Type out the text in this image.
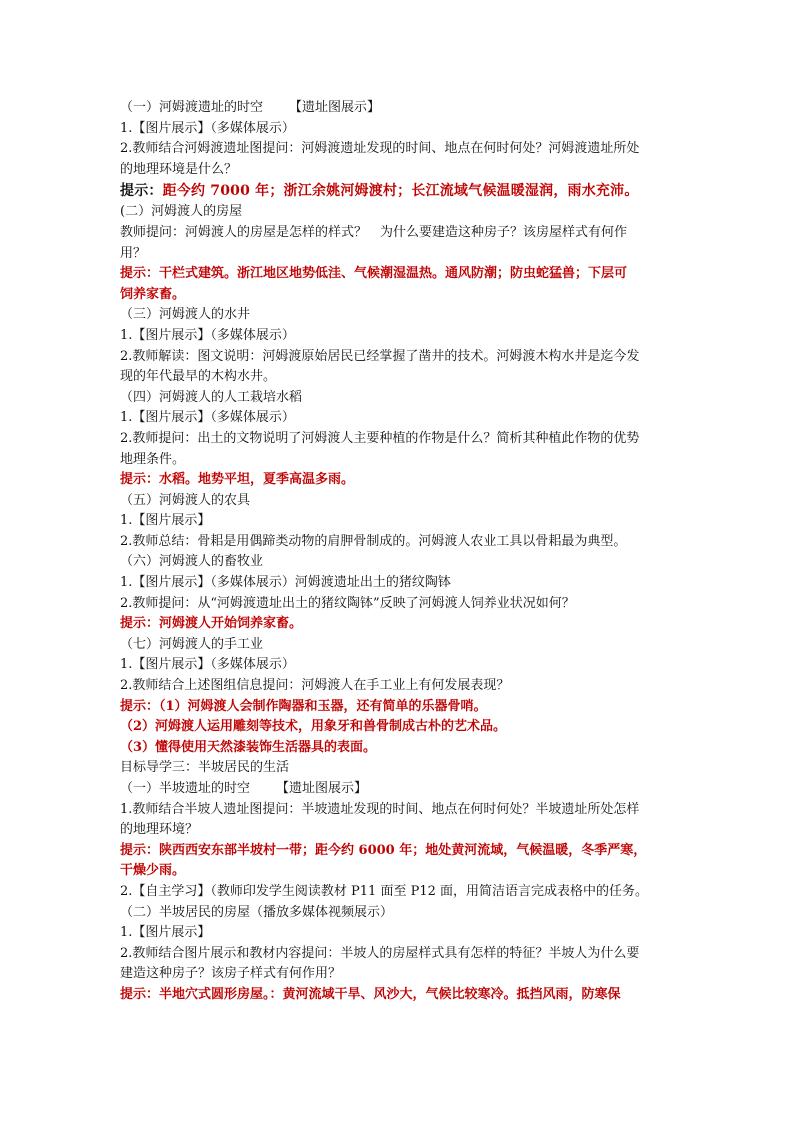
（一）河姆渡遗址的时空 【遗址图展示】
1.【图片展示】（多媒体展示）
2.教师结合河姆渡遗址图提问：河姆渡遗址发现的时间、地点在何时何处？河姆渡遗址所处
的地理环境是什么？
提示：距今约 7000 年；浙江余姚河姆渡村；长江流域气候温暖湿润，雨水充沛。
(二）河姆渡人的房屋
教师提问：河姆渡人的房屋是怎样的样式？　为什么要建造这种房子？该房屋样式有何作
用？
提示：干栏式建筑。浙江地区地势低洼、气候潮湿温热。通风防潮；防虫蛇猛兽；下层可
饲养家畜。
（三）河姆渡人的水井
1.【图片展示】（多媒体展示）
2.教师解读：图文说明：河姆渡原始居民已经掌握了凿井的技术。河姆渡木构水井是迄今发
现的年代最早的木构水井。
（四）河姆渡人的人工栽培水稻
1.【图片展示】（多媒体展示）
2.教师提问：出土的文物说明了河姆渡人主要种植的作物是什么？简析其种植此作物的优势
地理条件。
提示：水稻。地势平坦，夏季高温多雨。
（五）河姆渡人的农具
1.【图片展示】
2.教师总结：骨耜是用偶蹄类动物的肩胛骨制成的。河姆渡人农业工具以骨耜最为典型。
（六）河姆渡人的畜牧业
1.【图片展示】（多媒体展示）河姆渡遗址出土的猪纹陶钵
2.教师提问：从“河姆渡遗址出土的猪纹陶钵”反映了河姆渡人饲养业状况如何？
提示：河姆渡人开始饲养家畜。
（七）河姆渡人的手工业
1.【图片展示】（多媒体展示）
2.教师结合上述图组信息提问：河姆渡人在手工业上有何发展表现？
提示：（1）河姆渡人会制作陶器和玉器，还有简单的乐器骨哨。
（2）河姆渡人运用雕刻等技术，用象牙和兽骨制成古朴的艺术品。
（3）懂得使用天然漆装饰生活器具的表面。
目标导学三：半坡居民的生活
（一）半坡遗址的时空 【遗址图展示】
1.教师结合半坡人遗址图提问：半坡遗址发现的时间、地点在何时何处？半坡遗址所处怎样
的地理环境？
提示：陕西西安东部半坡村一带；距今约 6000 年；地处黄河流域，气候温暖，冬季严寒，
干燥少雨。
2.【自主学习】（教师印发学生阅读教材 P11 面至 P12 面，用简洁语言完成表格中的任务。
（二）半坡居民的房屋（播放多媒体视频展示）
1.【图片展示】
2.教师结合图片展示和教材内容提问：半坡人的房屋样式具有怎样的特征？半坡人为什么要
建造这种房子？该房子样式有何作用？
提示：半地穴式圆形房屋。：黄河流域干旱、风沙大，气候比较寒冷。抵挡风雨，防寒保
